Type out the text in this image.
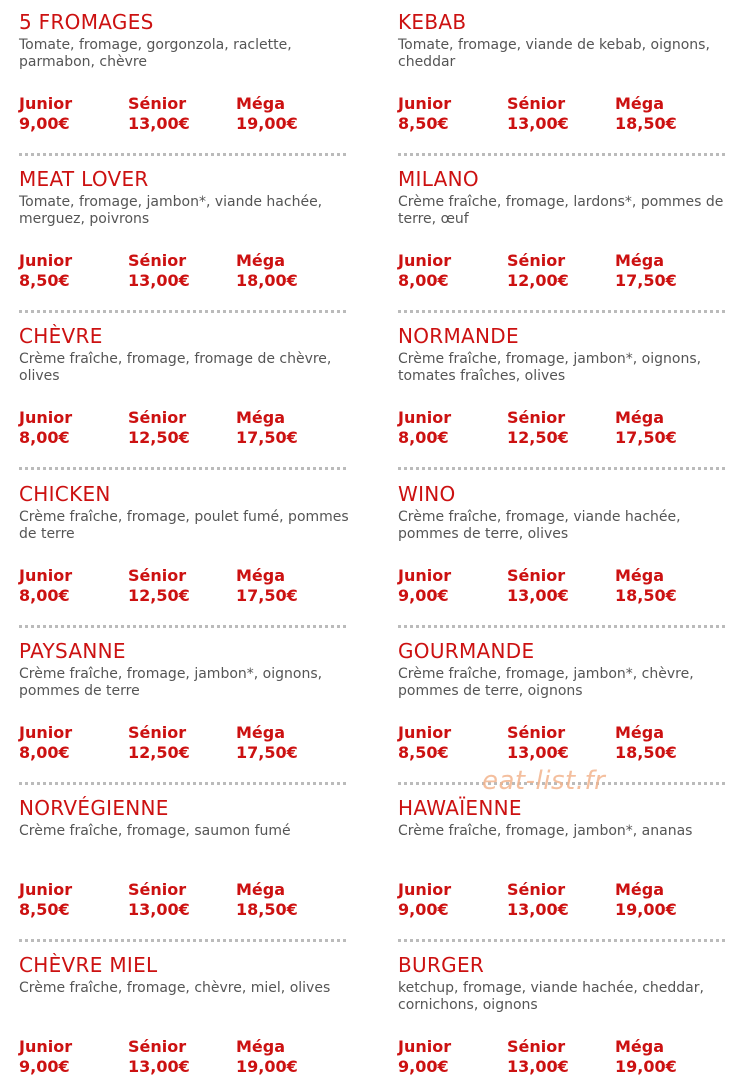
5 FROMAGES

Tomate, fromage, gorgonzola, raclette, parmabon, chèvre

Junior
9,00€
Sénior
13,00€
Méga
19,00€
KEBAB

Tomate, fromage, viande de kebab, oignons, cheddar

Junior
8,50€
Sénior
13,00€
Méga
18,50€
MEAT LOVER

Tomate, fromage, jambon*, viande hachée, merguez, poivrons

Junior
8,50€
Sénior
13,00€
Méga
18,00€
MILANO

Crème fraîche, fromage, lardons*, pommes de terre, œuf

Junior
8,00€
Sénior
12,00€
Méga
17,50€
CHÈVRE

Crème fraîche, fromage, fromage de chèvre, olives

Junior
8,00€
Sénior
12,50€
Méga
17,50€
NORMANDE

Crème fraîche, fromage, jambon*, oignons, tomates fraîches, olives

Junior
8,00€
Sénior
12,50€
Méga
17,50€
CHICKEN

Crème fraîche, fromage, poulet fumé, pommes de terre

Junior
8,00€
Sénior
12,50€
Méga
17,50€
WINO

Crème fraîche, fromage, viande hachée, pommes de terre, olives

Junior
9,00€
Sénior
13,00€
Méga
18,50€
PAYSANNE

Crème fraîche, fromage, jambon*, oignons, pommes de terre

Junior
8,00€
Sénior
12,50€
Méga
17,50€
GOURMANDE

Crème fraîche, fromage, jambon*, chèvre, pommes de terre, oignons

Junior
8,50€
Sénior
13,00€
Méga
18,50€
NORVÉGIENNE

Crème fraîche, fromage, saumon fumé

Junior
8,50€
Sénior
13,00€
Méga
18,50€
HAWAÏENNE

Crème fraîche, fromage, jambon*, ananas

Junior
9,00€
Sénior
13,00€
Méga
19,00€
CHÈVRE MIEL

Crème fraîche, fromage, chèvre, miel, olives

Junior
9,00€
Sénior
13,00€
Méga
19,00€
BURGER

ketchup, fromage, viande hachée, cheddar, cornichons, oignons

Junior
9,00€
Sénior
13,00€
Méga
19,00€
eat-list.fr
